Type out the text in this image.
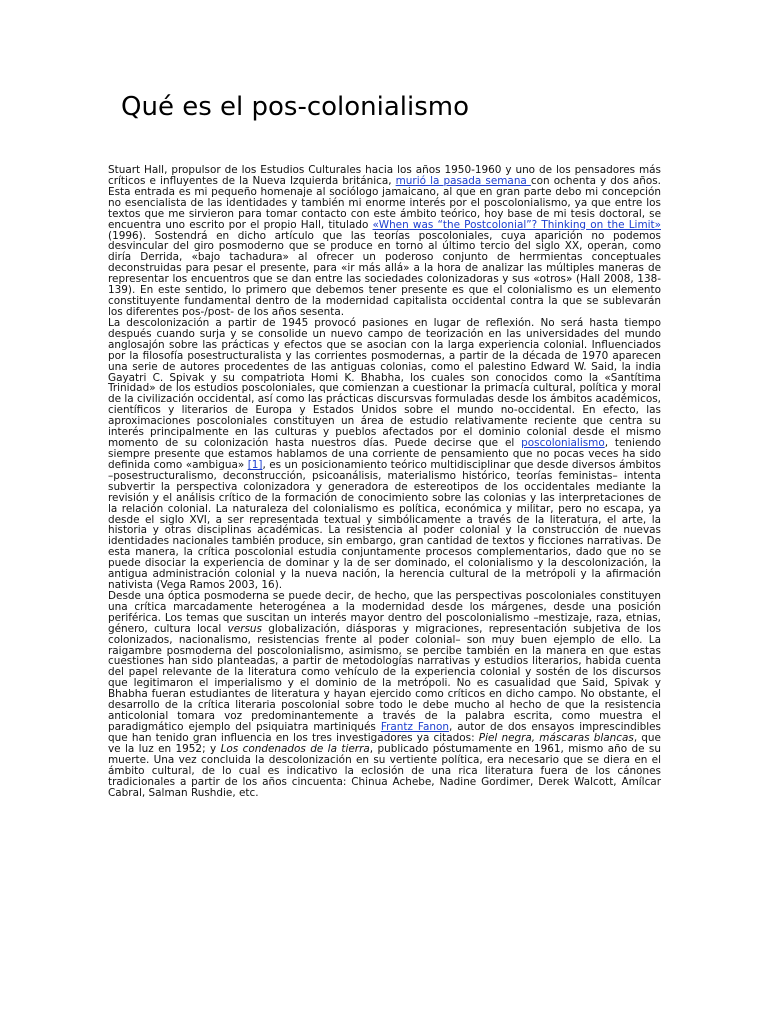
Qué es el pos-colonialismo

Stuart Hall, propulsor de los Estudios Culturales hacia los años 1950-1960 y uno de los pensadores más críticos e influyentes de la Nueva Izquierda británica, murió la pasada semana con ochenta y dos años. Esta entrada es mi pequeño homenaje al sociólogo jamaicano, al que en gran parte debo mi concepción no esencialista de las identidades y también mi enorme interés por el poscolonialismo, ya que entre los textos que me sirvieron para tomar contacto con este ámbito teórico, hoy base de mi tesis doctoral, se encuentra uno escrito por el propio Hall, titulado «When was “the Postcolonial”? Thinking on the Limit» (1996). Sostendrá en dicho artículo que las teorías poscoloniales, cuya aparición no podemos desvincular del giro posmoderno que se produce en torno al último tercio del siglo XX, operan, como diría Derrida, «bajo tachadura» al ofrecer un poderoso conjunto de herrmientas conceptuales deconstruidas para pesar el presente, para «ir más allá» a la hora de analizar las múltiples maneras de representar los encuentros que se dan entre las sociedades colonizadoras y sus «otros» (Hall 2008, 138-139). En este sentido, lo primero que debemos tener presente es que el colonialismo es un elemento constituyente fundamental dentro de la modernidad capitalista occidental contra la que se sublevarán los diferentes pos-/post- de los años sesenta.

La descolonización a partir de 1945 provocó pasiones en lugar de reflexión. No será hasta tiempo después cuando surja y se consolide un nuevo campo de teorización en las universidades del mundo anglosajón sobre las prácticas y efectos que se asocian con la larga experiencia colonial. Influenciados por la filosofía posestructuralista y las corrientes posmodernas, a partir de la década de 1970 aparecen una serie de autores procedentes de las antiguas colonias, como el palestino Edward W. Said, la india Gayatri C. Spivak y su compatriota Homi K. Bhabha, los cuales son conocidos como la «Santítima Trinidad» de los estudios poscoloniales, que comienzan a cuestionar la primacía cultural, política y moral de la civilización occidental, así como las prácticas discursvas formuladas desde los ámbitos académicos, científicos y literarios de Europa y Estados Unidos sobre el mundo no-occidental. En efecto, las aproximaciones poscoloniales constituyen un área de estudio relativamente reciente que centra su interés principalmente en las culturas y pueblos afectados por el dominio colonial desde el mismo momento de su colonización hasta nuestros días. Puede decirse que el poscolonialismo, teniendo siempre presente que estamos hablamos de una corriente de pensamiento que no pocas veces ha sido definida como «ambigua» [1], es un posicionamiento teórico multidisciplinar que desde diversos ámbitos –posestructuralismo, deconstrucción, psicoanálisis, materialismo histórico, teorías feministas– intenta subvertir la perspectiva colonizadora y generadora de estereotipos de los occidentales mediante la revisión y el análisis crítico de la formación de conocimiento sobre las colonias y las interpretaciones de la relación colonial. La naturaleza del colonialismo es política, económica y militar, pero no escapa, ya desde el siglo XVI, a ser representada textual y simbólicamente a través de la literatura, el arte, la historia y otras disciplinas académicas. La resistencia al poder colonial y la construcción de nuevas identidades nacionales también produce, sin embargo, gran cantidad de textos y ficciones narrativas. De esta manera, la crítica poscolonial estudia conjuntamente procesos complementarios, dado que no se puede disociar la experiencia de dominar y la de ser dominado, el colonialismo y la descolonización, la antigua administración colonial y la nueva nación, la herencia cultural de la metrópoli y la afirmación nativista (Vega Ramos 2003, 16).

Desde una óptica posmoderna se puede decir, de hecho, que las perspectivas poscoloniales constituyen una crítica marcadamente heterogénea a la modernidad desde los márgenes, desde una posición periférica. Los temas que suscitan un interés mayor dentro del poscolonialismo –mestizaje, raza, etnias, género, cultura local versus globalización, diásporas y migraciones, representación subjetiva de los colonizados, nacionalismo, resistencias frente al poder colonial– son muy buen ejemplo de ello. La raigambre posmoderna del poscolonialismo, asimismo, se percibe también en la manera en que estas cuestiones han sido planteadas, a partir de metodologías narrativas y estudios literarios, habida cuenta del papel relevante de la literatura como vehículo de la experiencia colonial y sostén de los discursos que legitimaron el imperialismo y el dominio de la metrópoli. No es casualidad que Said, Spivak y Bhabha fueran estudiantes de literatura y hayan ejercido como críticos en dicho campo. No obstante, el desarrollo de la crítica literaria poscolonial sobre todo le debe mucho al hecho de que la resistencia anticolonial tomara voz predominantemente a través de la palabra escrita, como muestra el paradigmático ejemplo del psiquiatra martiniqués Frantz Fanon, autor de dos ensayos imprescindibles que han tenido gran influencia en los tres investigadores ya citados: Piel negra, máscaras blancas, que ve la luz en 1952; y Los condenados de la tierra, publicado póstumamente en 1961, mismo año de su muerte. Una vez concluida la descolonización en su vertiente política, era necesario que se diera en el ámbito cultural, de lo cual es indicativo la eclosión de una rica literatura fuera de los cánones tradicionales a partir de los años cincuenta: Chinua Achebe, Nadine Gordimer, Derek Walcott, Amílcar Cabral, Salman Rushdie, etc.
